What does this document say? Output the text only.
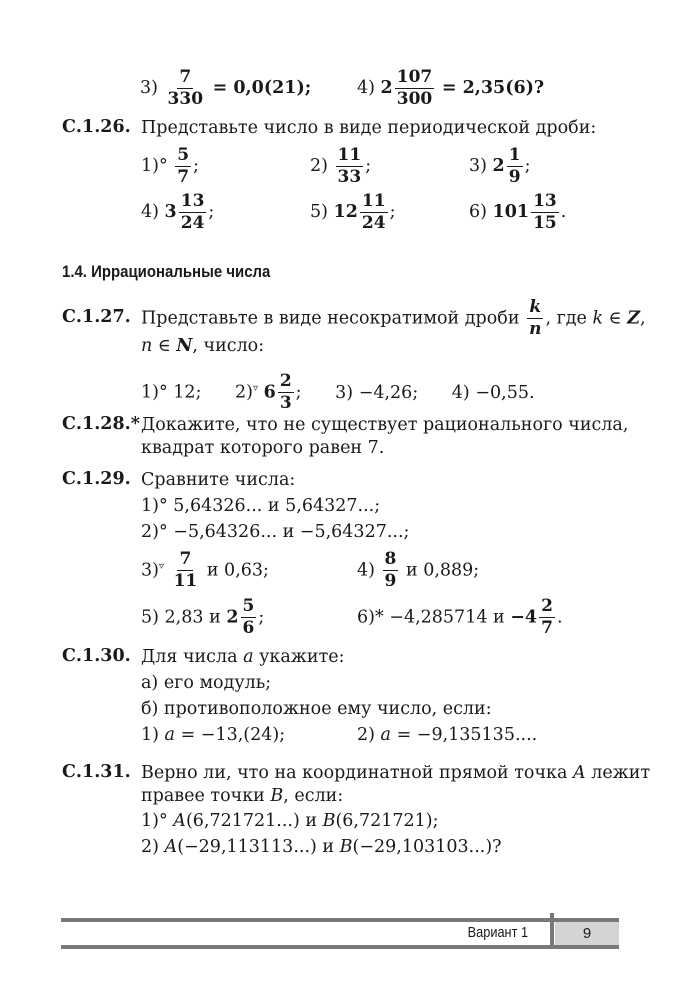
$3) \frac{7}{330} = 0,0(21)$;	4) $2 \frac{107}{300} = 2,35(6)$?
С.1.26. Представьте число в виде периодической дроби:
$1)^\circ \frac{5}{7}$ ;	$2) \frac{11}{33}$ ;	3) $2 \frac{1}{9}$ ;
4) $3 \frac{13}{24}$ ;	5) $12 \frac{11}{24}$ ;	6) $101 \frac{13}{15}$ .
1.4. Иррациональные числа
С.1.27. Представьте в виде несократимой дроби $\frac{k}{n}$ , где k ∈ Z,
n ∈ N, число:
1)° 12; 2)▿ $6 \frac{2}{3}$ ; 3) −4,26; 4) −0,55.
С.1.28.* Докажите, что не существует рационального числа,
квадрат которого равен 7.
С.1.29. Сравните числа:
1)° 5,64326... и 5,64327...;
2)° −5,64326... и −5,64327...;
$3)^▿ \frac{7}{11}$ и 0,63;	$4) \frac{8}{9}$ и 0,889;
5) 2,83 и $2 \frac{5}{6}$ ;	6)* −4,285714 $и -4 \frac{2}{7}$ .
С.1.30. Для числа a укажите:
а) его модуль;
б) противоположное ему число, если:
1) a = −13,(24);	2) a = −9,135135....
С.1.31. Верно ли, что на координатной прямой точка A лежит
правее точки B, если:
1)° A(6,721721...) и B(6,721721);
2) A(−29,113113...) и B(−29,103103...)?
9
Вариант 1
